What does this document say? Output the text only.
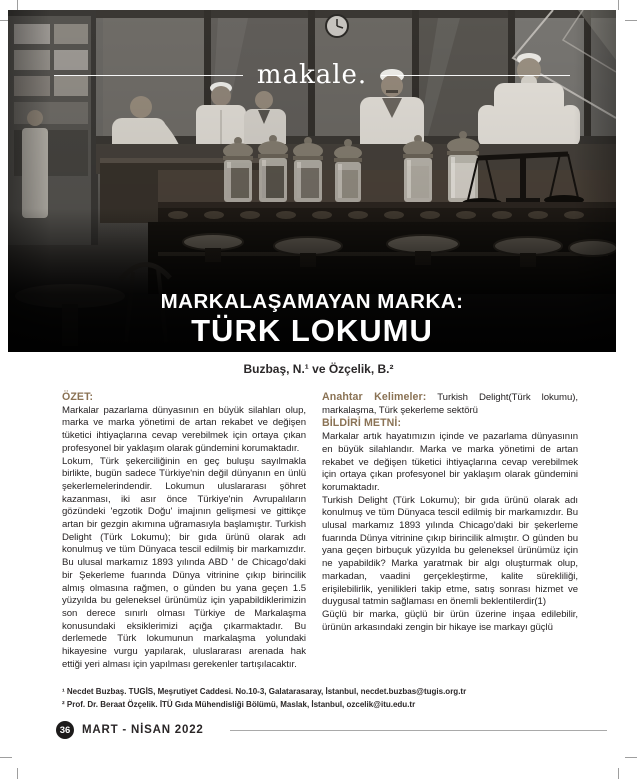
makale.
MARKALAŞAMAYAN MARKA:
TÜRK LOKUMU
Buzbaş, N.¹ ve Özçelik, B.²
ÖZET:

Markalar pazarlama dünyasının en büyük silahları olup, marka ve marka yönetimi de artan rekabet ve değişen tüketici ihtiyaçlarına cevap verebilmek için ortaya çıkan profesyonel bir yaklaşım olarak gündemini korumaktadır.

Lokum, Türk şekerciliğinin en geç buluşu sayılmakla birlikte, bugün sadece Türkiye'nin değil dünyanın en ünlü şekerlemelerindendir. Lokumun uluslararası şöhret kazanması, iki asır önce Türkiye'nin Avrupalıların gözündeki 'egzotik Doğu' imajının gelişmesi ve gittikçe artan bir gezgin akımına uğramasıyla başlamıştır. Turkish Delight (Türk Lokumu); bir gıda ürünü olarak adı konulmuş ve tüm Dünyaca tescil edilmiş bir markamızdır. Bu ulusal markamız 1893 yılında ABD ' de Chicago'daki bir Şekerleme fuarında Dünya vitrinine çıkıp birincilik almış olmasına rağmen, o günden bu yana geçen 1.5 yüzyılda bu geleneksel ürünümüz için yapabildiklerimizin son derece sınırlı olması Türkiye de Markalaşma konusundaki eksiklerimizi açığa çıkarmaktadır. Bu derlemede Türk lokumunun markalaşma yolundaki hikayesine vurgu yapılarak, uluslararası arenada hak ettiği yeri alması için yapılması gerekenler tartışılacaktır.

Anahtar Kelimeler: Turkish Delight(Türk lokumu), markalaşma, Türk şekerleme sektörü

BİLDİRİ METNİ:

Markalar artık hayatımızın içinde ve pazarlama dünyasının en büyük silahlandır. Marka ve marka yönetimi de artan rekabet ve değişen tüketici ihtiyaçlarına cevap verebilmek için ortaya çıkan profesyonel bir yaklaşım olarak gündemini korumaktadır.

Turkish Delight (Türk Lokumu); bir gıda ürünü olarak adı konulmuş ve tüm Dünyaca tescil edilmiş bir markamızdır. Bu ulusal markamız 1893 yılında Chicago'daki bir şekerleme fuarında Dünya vitrinine çıkıp birincilik almıştır. O günden bu yana geçen birbuçuk yüzyılda bu geleneksel ürünümüz için ne yapabildik? Marka yaratmak bir algı oluşturmak olup, markadan, vaadini gerçekleştirme, kalite sürekliliği, erişilebilirlik, yenilikleri takip etme, satış sonrası hizmet ve duygusal tatmin sağlaması en önemli beklentilerdir(1)

Güçlü bir marka, güçlü bir ürün üzerine inşaa edilebilir, ürünün arkasındaki zengin bir hikaye ise markayı güçlü

¹ Necdet Buzbaş. TUGİS, Meşrutiyet Caddesi. No.10-3, Galatarasaray, İstanbul, necdet.buzbas@tugis.org.tr
² Prof. Dr. Beraat Özçelik. İTÜ Gıda Mühendisliği Bölümü, Maslak, İstanbul, ozcelik@itu.edu.tr
36	MART - NİSAN 2022
